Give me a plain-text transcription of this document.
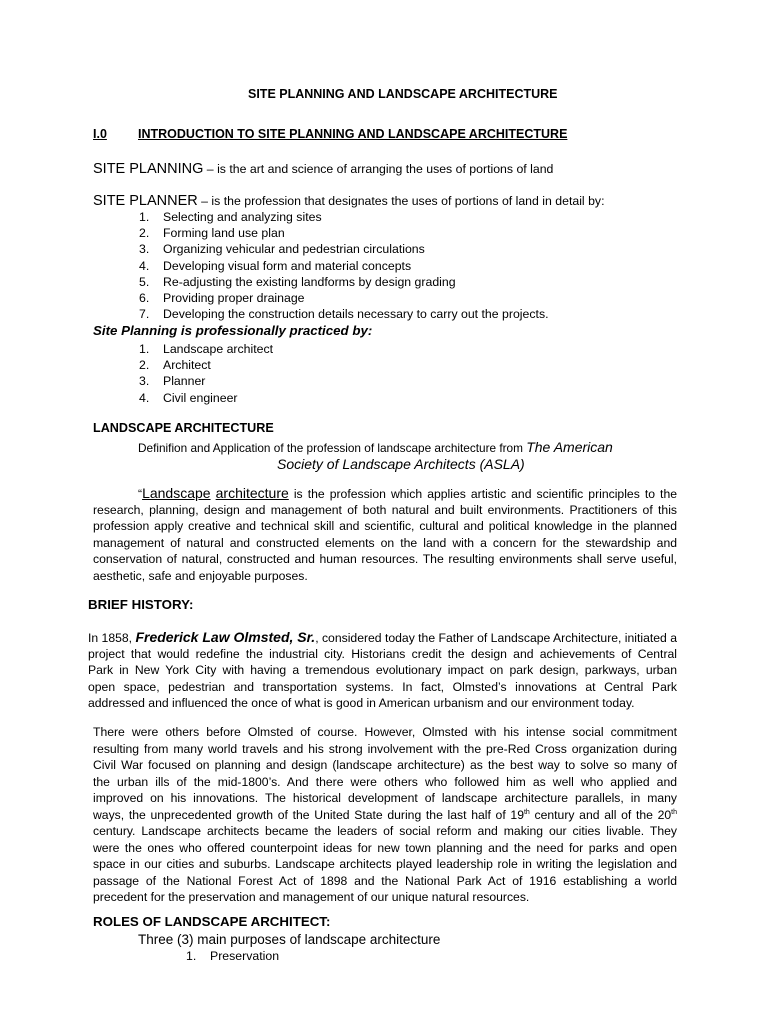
SITE PLANNING AND LANDSCAPE ARCHITECTURE
I.0 INTRODUCTION TO SITE PLANNING AND LANDSCAPE ARCHITECTURE
SITE PLANNING – is the art and science of arranging the uses of portions of land
SITE PLANNER – is the profession that designates the uses of portions of land in detail by:
1. Selecting and analyzing sites
2. Forming land use plan
3. Organizing vehicular and pedestrian circulations
4. Developing visual form and material concepts
5. Re-adjusting the existing landforms by design grading
6. Providing proper drainage
7. Developing the construction details necessary to carry out the projects.
Site Planning is professionally practiced by:
1. Landscape architect
2. Architect
3. Planner
4. Civil engineer
LANDSCAPE ARCHITECTURE
Definifion and Application of the profession of landscape architecture from The American
Society of Landscape Architects (ASLA)
“Landscape architecture is the profession which applies artistic and scientific principles to the
research, planning, design and management of both natural and built environments. Practitioners of this
profession apply creative and technical skill and scientific, cultural and political knowledge in the planned
management of natural and constructed elements on the land with a concern for the stewardship and
conservation of natural, constructed and human resources. The resulting environments shall serve useful,
aesthetic, safe and enjoyable purposes.
BRIEF HISTORY:
In 1858, Frederick Law Olmsted, Sr., considered today the Father of Landscape Architecture, initiated a
project that would redefine the industrial city. Historians credit the design and achievements of Central
Park in New York City with having a tremendous evolutionary impact on park design, parkways, urban
open space, pedestrian and transportation systems. In fact, Olmsted’s innovations at Central Park
addressed and influenced the once of what is good in American urbanism and our environment today.
There were others before Olmsted of course. However, Olmsted with his intense social commitment
resulting from many world travels and his strong involvement with the pre-Red Cross organization during
Civil War focused on planning and design (landscape architecture) as the best way to solve so many of
the urban ills of the mid-1800’s. And there were others who followed him as well who applied and
improved on his innovations. The historical development of landscape architecture parallels, in many
ways, the unprecedented growth of the United State during the last half of 19th century and all of the 20th
century. Landscape architects became the leaders of social reform and making our cities livable. They
were the ones who offered counterpoint ideas for new town planning and the need for parks and open
space in our cities and suburbs. Landscape architects played leadership role in writing the legislation and
passage of the National Forest Act of 1898 and the National Park Act of 1916 establishing a world
precedent for the preservation and management of our unique natural resources.
ROLES OF LANDSCAPE ARCHITECT:
Three (3) main purposes of landscape architecture
1. Preservation
